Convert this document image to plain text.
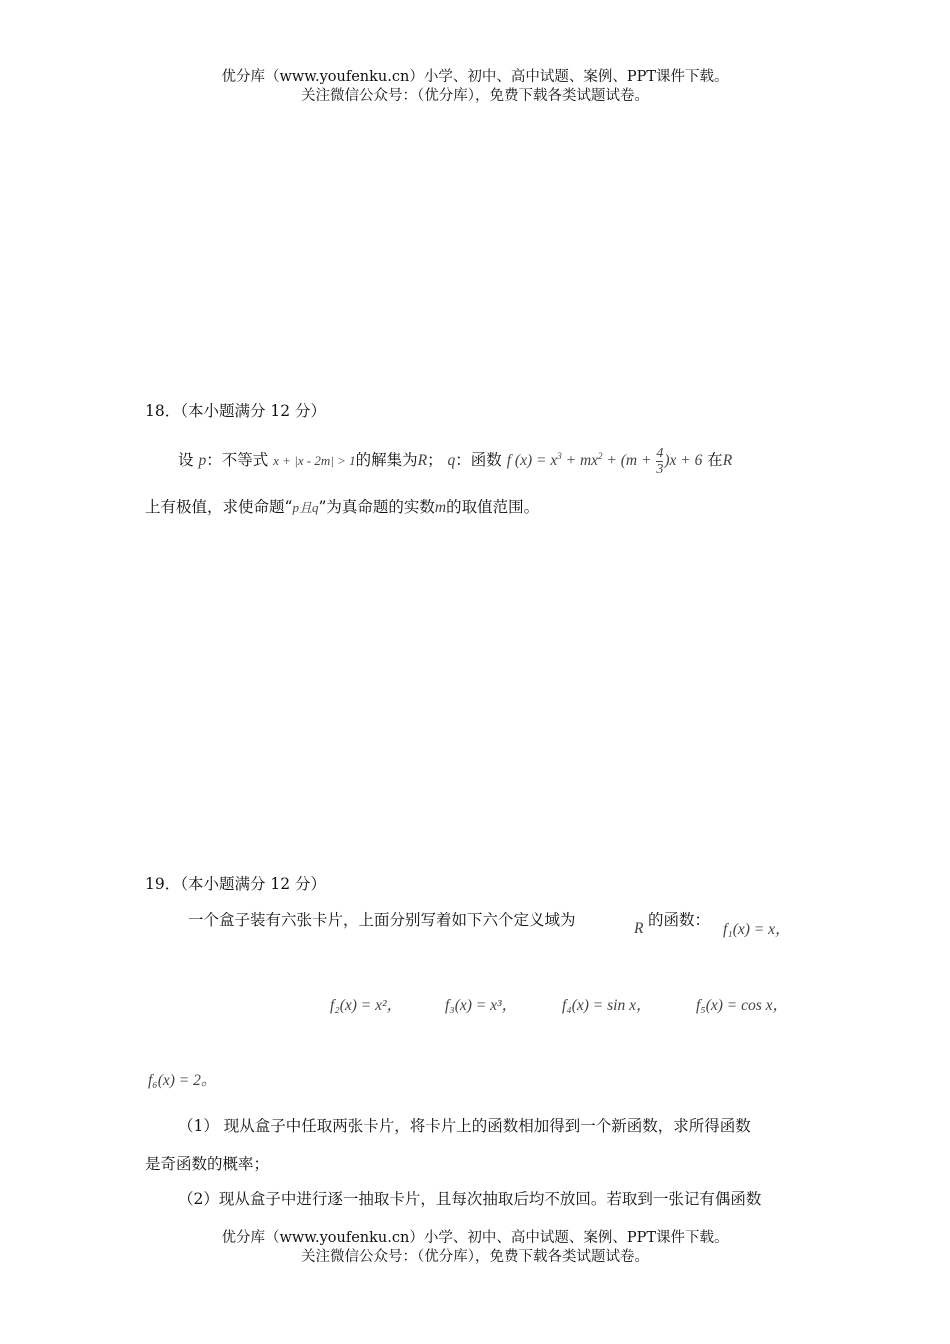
优分库（www.youfenku.cn）小学、初中、高中试题、案例、PPT课件下载。
关注微信公众号：（优分库），免费下载各类试题试卷。
18．（本小题满分 12 分）
设 p：不等式 x + |x - 2m| > 1的解集为R； q：函数 f $(x) = x^3 + mx^2 + (m + \frac{4}{3} )x + 6$ 在R
上有极值，求使命题“p且q”为真命题的实数m的取值范围。
19．（本小题满分 12 分）
一个盒子装有六张卡片，上面分别写着如下六个定义域为	R 的函数：
f₁(x) = x，
f₂(x) = x²，	f₃(x) = x³，	f₄(x) = sin x，	f₅(x) = cos x，
f₆(x) = 2。
（1） 现从盒子中任取两张卡片，将卡片上的函数相加得到一个新函数，求所得函数
是奇函数的概率；
（2）现从盒子中进行逐一抽取卡片，且每次抽取后均不放回。若取到一张记有偶函数
优分库（www.youfenku.cn）小学、初中、高中试题、案例、PPT课件下载。
关注微信公众号：（优分库），免费下载各类试题试卷。
